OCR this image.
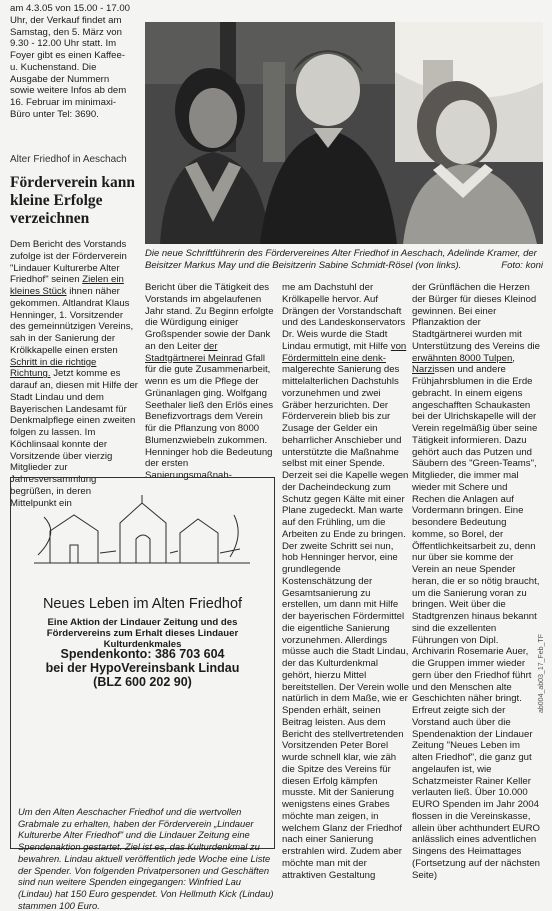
am 4.3.05 von 15.00 - 17.00 Uhr, der Verkauf findet am Samstag, den 5. März von 9.30 - 12.00 Uhr statt. Im Foyer gibt es einen Kaffee- u. Kuchenstand. Die Ausgabe der Nummern sowie weitere Infos ab dem 16. Februar im minimaxi-Büro unter Tel: 3690.
Die neue Schriftführerin des Fördervereines Alter Friedhof in Aeschach, Adelinde Kramer, der Beisitzer Markus May und die Beisitzerin Sabine Schmidt-Rösel (von links).	Foto: koni
Alter Friedhof in Aeschach
Förderverein kann kleine Erfolge verzeichnen

Dem Bericht des Vorstands zufolge ist der Förderverein "Lindauer Kulturerbe Alter Friedhof" seinen Zielen ein kleines Stück ihnen näher gekommen. Altlandrat Klaus Henninger, 1. Vorsitzender des gemeinnützigen Vereins, sah in der Sanierung der Krölkkapelle einen ersten Schritt in die richtige Richtung. Jetzt komme es darauf an, diesen mit Hilfe der Stadt Lindau und dem Bayerischen Landesamt für Denkmalpflege einen zweiten folgen zu lassen. Im Köchlinsaal konnte der Vorsitzende über vierzig Mitglieder zur Jahresversammlung begrüßen, in deren Mittelpunkt ein

Bericht über die Tätigkeit des Vorstands im abgelaufenen Jahr stand. Zu Beginn erfolgte die Würdigung einiger Großspender sowie der Dank an den Leiter der Stadtgärtnerei Meinrad Gfall für die gute Zusammenarbeit, wenn es um die Pflege der Grünanlagen ging. Wolfgang Seethaler ließ den Erlös eines Benefizvortrags dem Verein für die Pflanzung von 8000 Blumenzwiebeln zukommen. Henninger hob die Bedeutung der ersten Sanierungsmaßnah-

me am Dachstuhl der Krölkapelle hervor. Auf Drängen der Vorstandschaft und des Landeskonservators Dr. Weis wurde die Stadt Lindau ermutigt, mit Hilfe von Fördermitteln eine denk- malgerechte Sanierung des mittelalterlichen Dachstuhls vorzunehmen und zwei Gräber herzurichten. Der Förderverein blieb bis zur Zusage der Gelder ein beharrlicher Anschieber und unterstützte die Maßnahme selbst mit einer Spende. Derzeit sei die Kapelle wegen der Dacheindeckung zum Schutz gegen Kälte mit einer Plane zugedeckt. Man warte auf den Frühling, um die Arbeiten zu Ende zu bringen. Der zweite Schritt sei nun, hob Henninger hervor, eine grundlegende Kostenschätzung der Gesamtsanierung zu erstellen, um dann mit Hilfe der bayerischen Fördermittel die eigentliche Sanierung vorzunehmen. Allerdings müsse auch die Stadt Lindau, der das Kulturdenkmal gehört, hierzu Mittel bereitstellen. Der Verein wolle natürlich in dem Maße, wie er Spenden erhält, seinen Beitrag leisten. Aus dem Bericht des stellvertretenden Vorsitzenden Peter Borel wurde schnell klar, wie zäh die Spitze des Vereins für diesen Erfolg kämpfen musste. Mit der Sanierung wenigstens eines Grabes möchte man zeigen, in welchem Glanz der Friedhof nach einer Sanierung erstrahlen wird. Zudem aber möchte man mit der attraktiven Gestaltung

der Grünflächen die Herzen der Bürger für dieses Kleinod gewinnen. Bei einer Pflanzaktion der Stadtgärtnerei wurden mit Unterstützung des Vereins die erwähnten 8000 Tulpen, Narzissen und andere Frühjahrsblumen in die Erde gebracht. In einem eigens angeschafften Schaukasten bei der Ulrichskapelle will der Verein regelmäßig über seine Tätigkeit informieren. Dazu gehört auch das Putzen und Säubern des "Green-Teams", Mitglieder, die immer mal wieder mit Schere und Rechen die Anlagen auf Vordermann bringen. Eine besondere Bedeutung komme, so Borel, der Öffentlichkeitsarbeit zu, denn nur über sie komme der Verein an neue Spender heran, die er so nötig braucht, um die Sanierung voran zu bringen. Weit über die Stadtgrenzen hinaus bekannt sind die exzellenten Führungen von Dipl. Archivarin Rosemarie Auer, die Gruppen immer wieder gern über den Friedhof führt und den Menschen alte Geschichten näher bringt. Erfreut zeigte sich der Vorstand auch über die Spendenaktion der Lindauer Zeitung "Neues Leben im alten Friedhof", die ganz gut angelaufen ist, wie Schatzmeister Rainer Keller verlauten ließ. Über 10.000 EURO Spenden im Jahr 2004 flossen in die Vereinskasse, allein über achthundert EURO anlässlich eines adventlichen Singens des Heimattages (Fortsetzung auf der nächsten Seite)

Neues Leben im Alten Friedhof
Eine Aktion der Lindauer Zeitung und des
Fördervereins zum Erhalt dieses Lindauer Kulturdenkmales
Spendenkonto: 386 703 604
bei der HypoVereinsbank Lindau
(BLZ 600 202 90)
Um den Alten Aeschacher Friedhof und die wertvollen Grabmale zu erhalten, haben der Förderverein „Lindauer Kulturerbe Alter Friedhof" und die Lindauer Zeitung eine Spendenaktion gestartet. Ziel ist es, das Kulturdenkmal zu bewahren. Lindau aktuell veröffentlich jede Woche eine Liste der Spender. Von folgenden Privatpersonen und Geschäften sind nun weitere Spenden eingegangen: Winfried Lau (Lindau) hat 150 Euro gespendet. Von Hellmuth Kick (Lindau) stammen 100 Euro.
ab004_ab03_17_Feb_TF
